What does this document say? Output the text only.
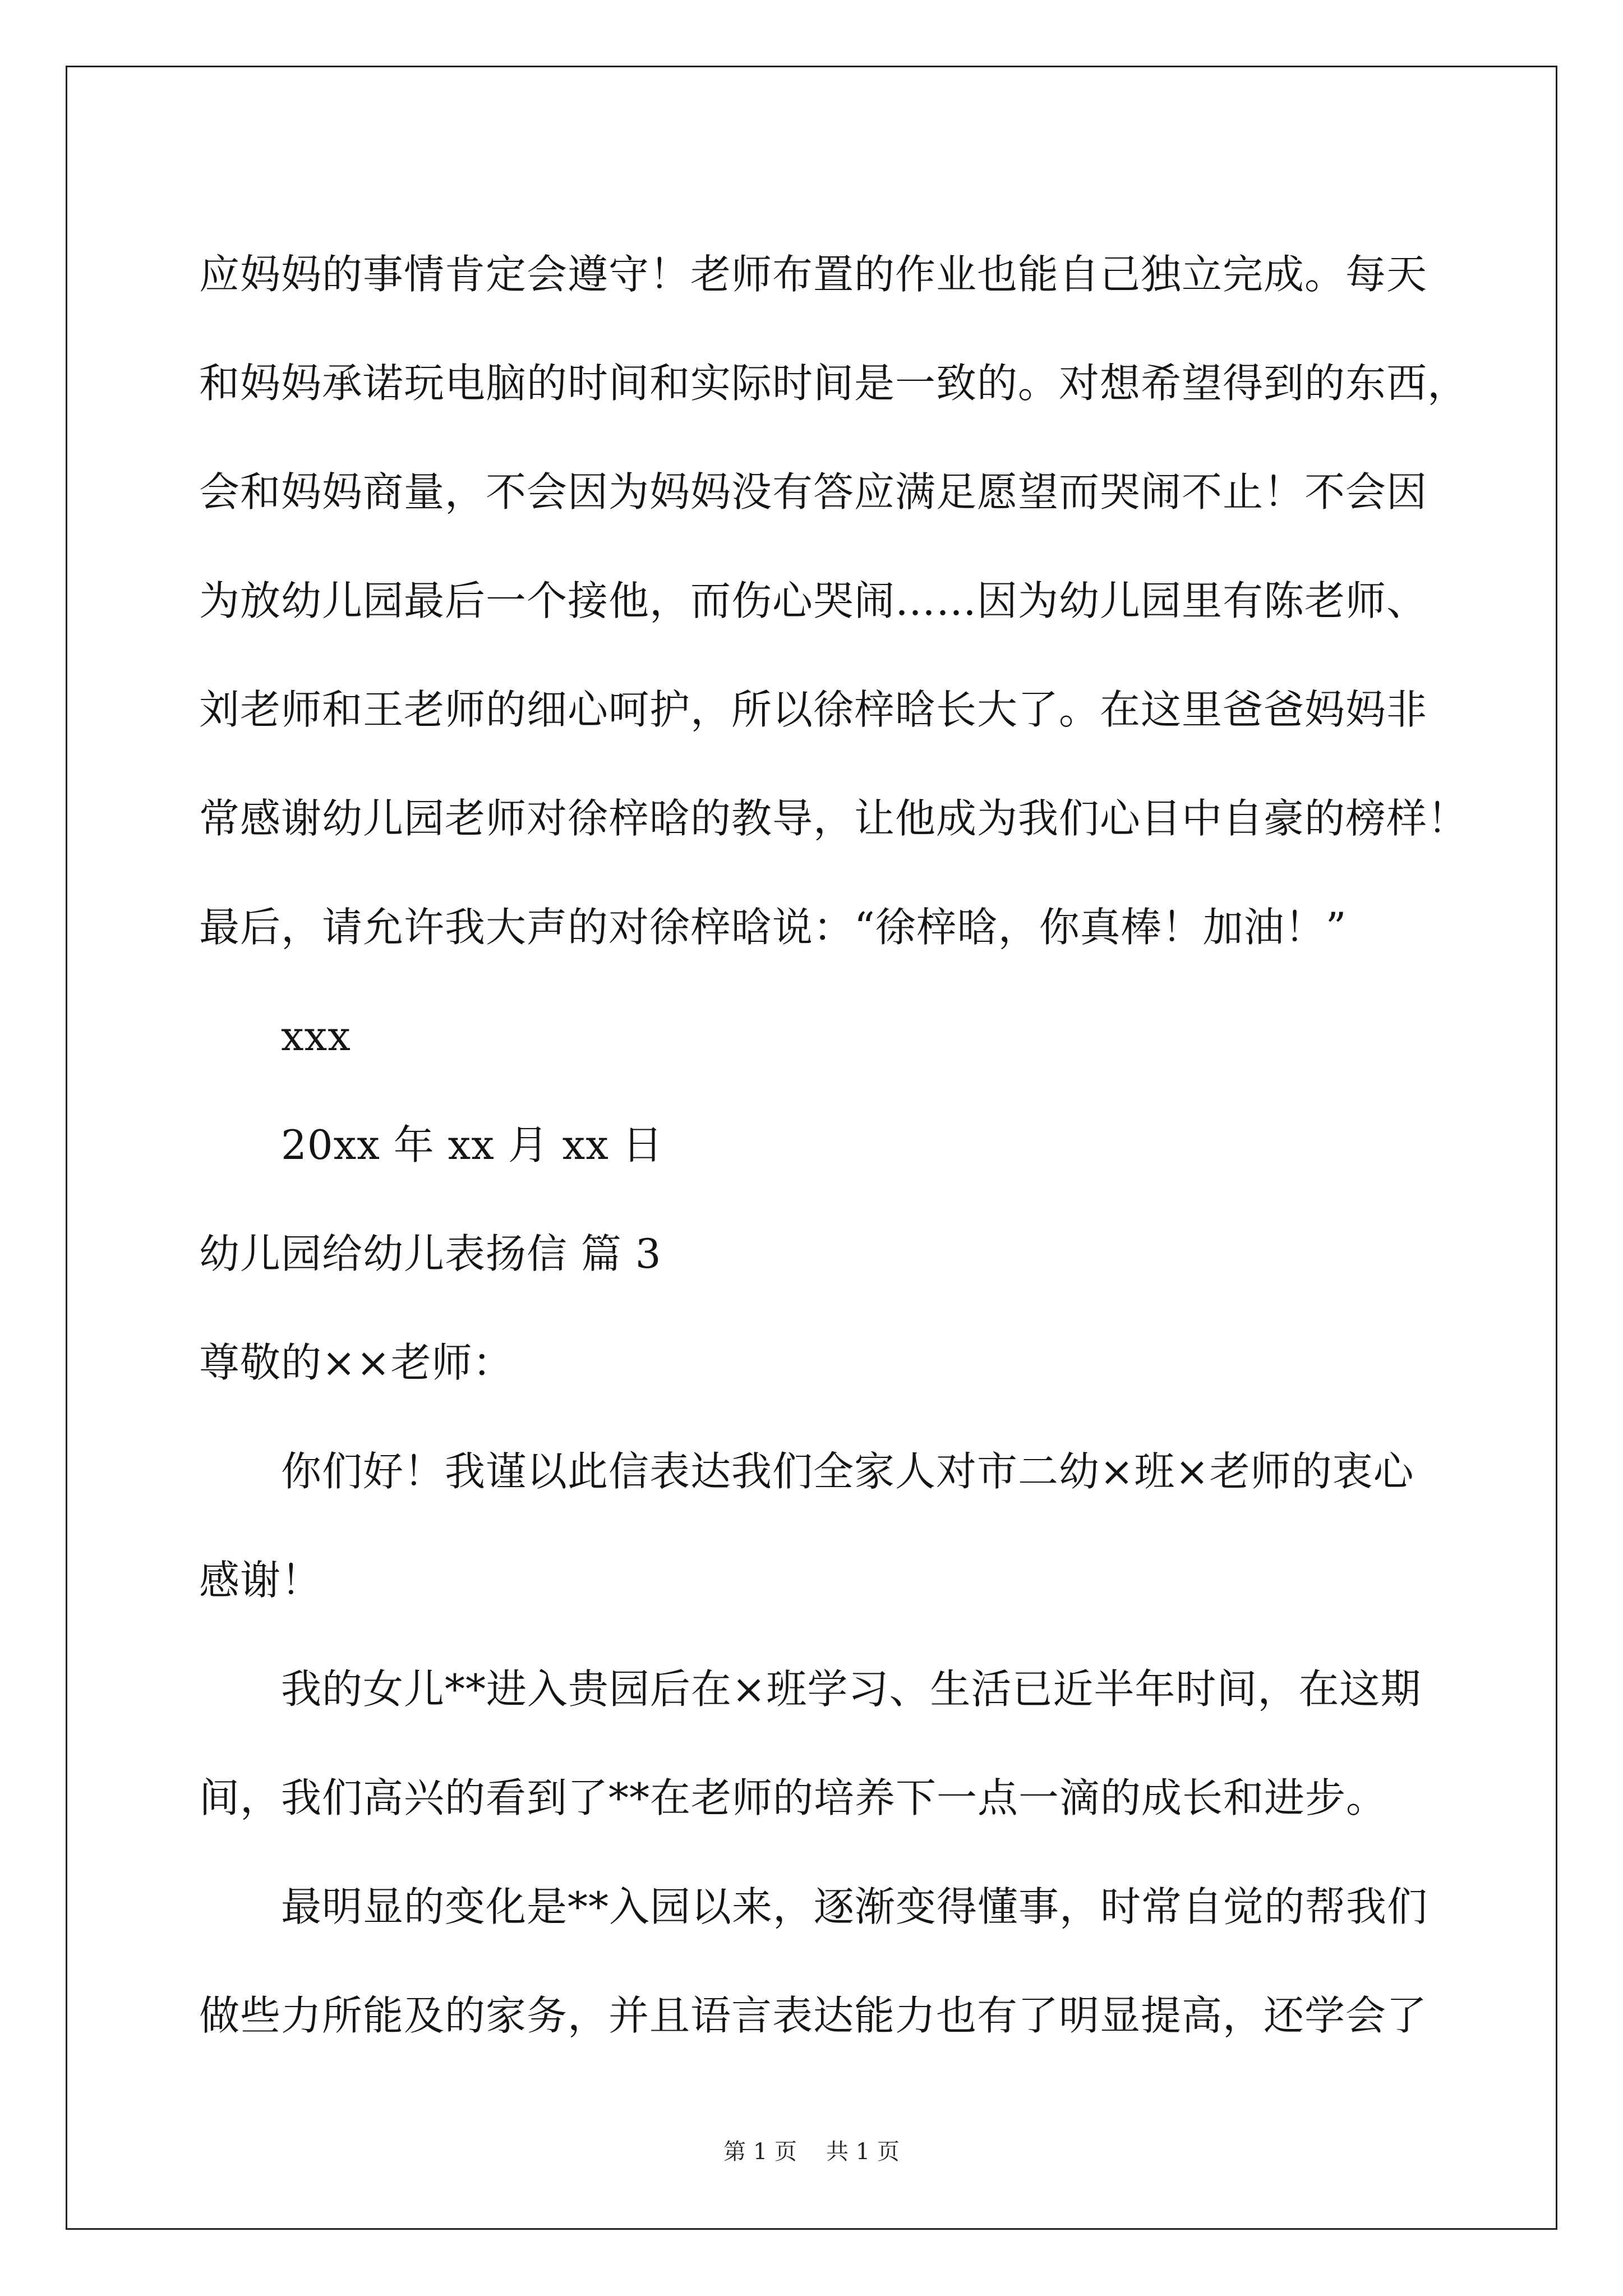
应妈妈的事情肯定会遵守！老师布置的作业也能自己独立完成。每天
和妈妈承诺玩电脑的时间和实际时间是一致的。对想希望得到的东西，
会和妈妈商量，不会因为妈妈没有答应满足愿望而哭闹不止！不会因
为放幼儿园最后一个接他，而伤心哭闹……因为幼儿园里有陈老师、
刘老师和王老师的细心呵护，所以徐梓晗长大了。在这里爸爸妈妈非
常感谢幼儿园老师对徐梓晗的教导，让他成为我们心目中自豪的榜样！
最后，请允许我大声的对徐梓晗说：“徐梓晗，你真棒！加油！”
xxx
20xx 年 xx 月 xx 日
幼儿园给幼儿表扬信 篇 3
尊敬的××老师：
你们好！我谨以此信表达我们全家人对市二幼×班×老师的衷心
感谢！
我的女儿**进入贵园后在×班学习、生活已近半年时间，在这期
间，我们高兴的看到了**在老师的培养下一点一滴的成长和进步。
最明显的变化是**入园以来，逐渐变得懂事，时常自觉的帮我们
做些力所能及的家务，并且语言表达能力也有了明显提高，还学会了
第 1 页 共 1 页
